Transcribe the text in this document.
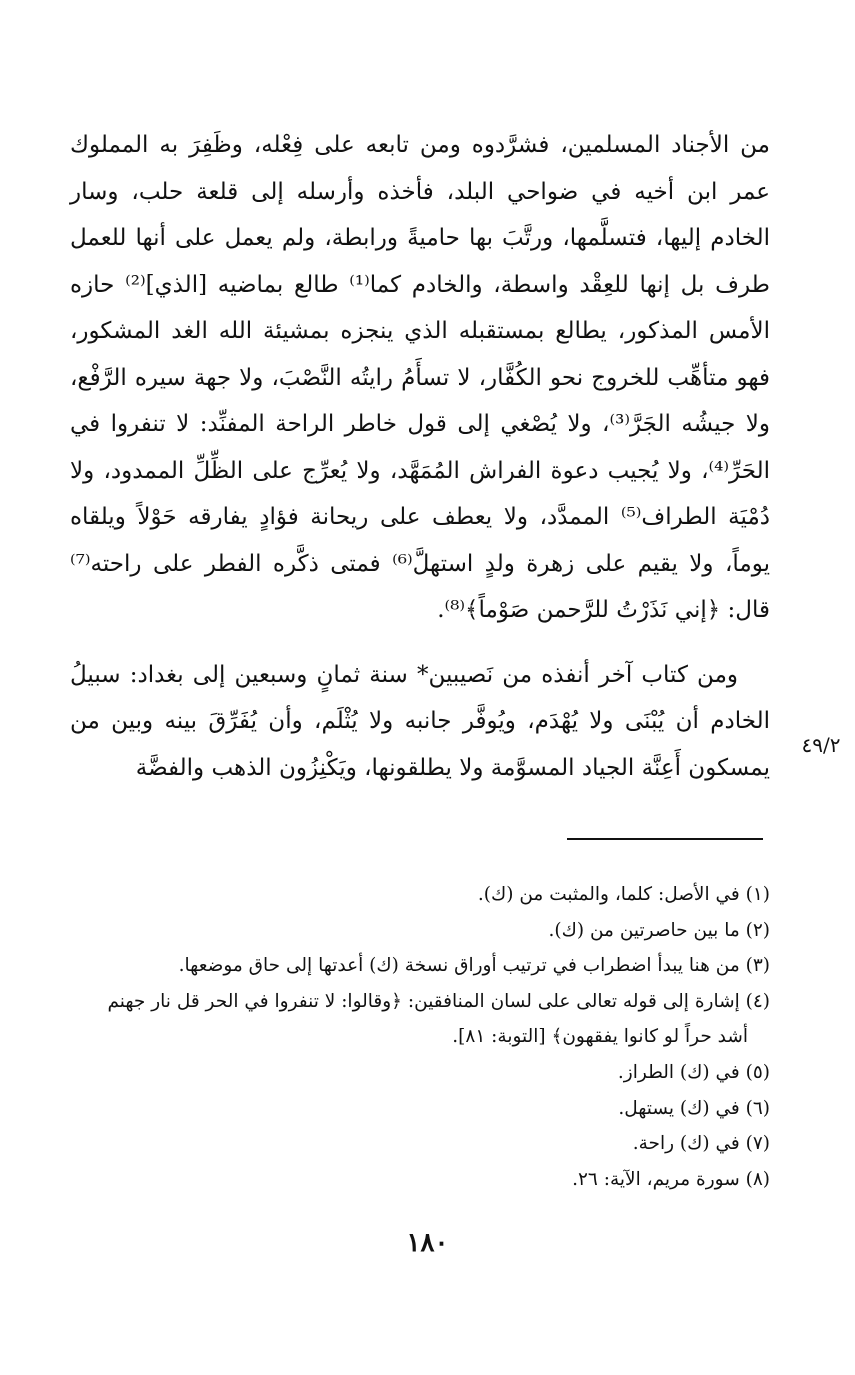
من الأجناد المسلمين، فشرَّدوه ومن تابعه على فِعْله، وظَفِرَ به المملوك عمر ابن أخيه في ضواحي البلد، فأخذه وأرسله إلى قلعة حلب، وسار الخادم إليها، فتسلَّمها، ورتَّبَ بها حاميةً ورابطة، ولم يعمل على أنها للعمل طرف بل إنها للعِقْد واسطة، والخادم كما⁽¹⁾ طالع بماضيه [الذي]⁽²⁾ حازه الأمس المذكور، يطالع بمستقبله الذي ينجزه بمشيئة الله الغد المشكور، فهو متأهِّب للخروج نحو الكُفَّار، لا تسأَمُ رايتُه النَّصْبَ، ولا جهة سيره الرَّفْع، ولا جيشُه الجَرَّ⁽³⁾، ولا يُصْغي إلى قول خاطر الراحة المفنِّد: لا تنفروا في الحَرِّ⁽⁴⁾، ولا يُجيب دعوة الفراش المُمَهَّد، ولا يُعرِّج على الظِّلِّ الممدود، ولا دُمْيَة الطراف⁽⁵⁾ الممدَّد، ولا يعطف على ريحانة فؤادٍ يفارقه حَوْلاً ويلقاه يوماً، ولا يقيم على زهرة ولدٍ استهلَّ⁽⁶⁾ فمتى ذكَّره الفطر على راحته⁽⁷⁾ قال: ﴿إني نَذَرْتُ للرَّحمن صَوْماً﴾⁽⁸⁾.

ومن كتاب آخر أنفذه من نَصيبين* سنة ثمانٍ وسبعين إلى بغداد: سبيلُ الخادم أن يُبْنَى ولا يُهْدَم، ويُوفَّر جانبه ولا يُثْلَم، وأن يُفَرِّقَ بينه وبين من يمسكون أَعِنَّة الجياد المسوَّمة ولا يطلقونها، ويَكْنِزُون الذهب والفضَّة

٤٩/٢
(١) في الأصل: كلما، والمثبت من (ك).
(٢) ما بين حاصرتين من (ك).
(٣) من هنا يبدأ اضطراب في ترتيب أوراق نسخة (ك) أعدتها إلى حاق موضعها.
(٤) إشارة إلى قوله تعالى على لسان المنافقين: ﴿وقالوا: لا تنفروا في الحر قل نار جهنم
أشد حراً لو كانوا يفقهون﴾ [التوبة: ٨١].
(٥) في (ك) الطراز.
(٦) في (ك) يستهل.
(٧) في (ك) راحة.
(٨) سورة مريم، الآية: ٢٦.
١٨٠
